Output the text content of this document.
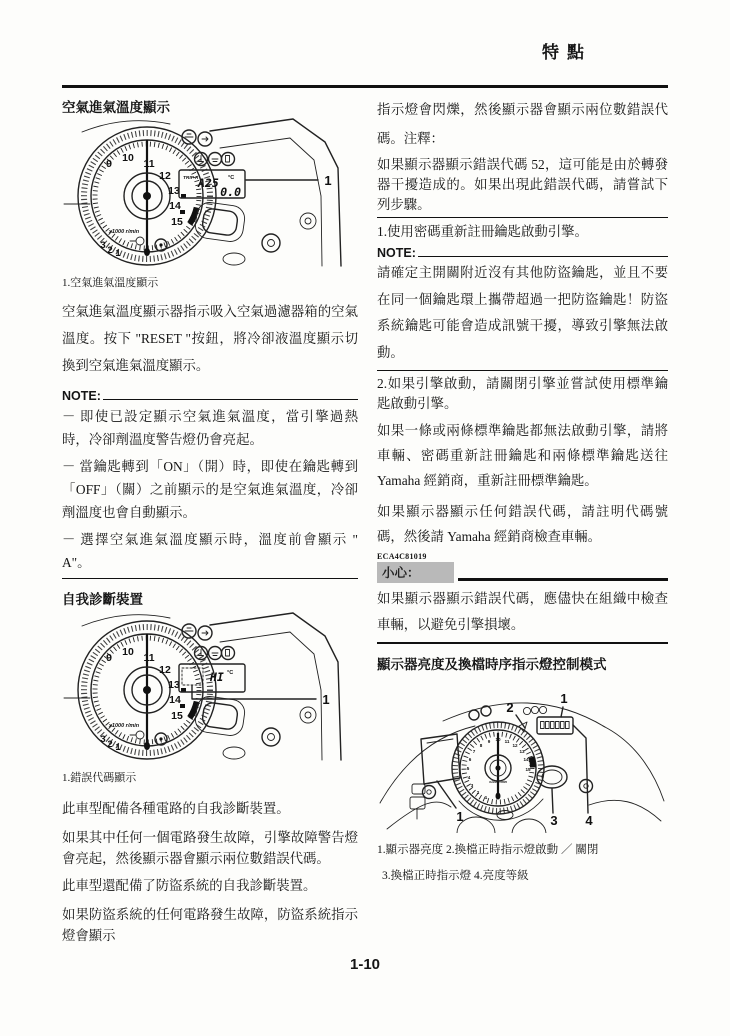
特點

空氣進氣溫度顯示

9 10 11
12
13
14
15
3 2 1
x1000 r/min
TRIP A A25 °C
0.0
1

1.空氣進氣溫度顯示

空氣進氣溫度顯示器指示吸入空氣過濾器箱的空氣溫度。按下 "RESET "按鈕，將冷卻液溫度顯示切換到空氣進氣溫度顯示。

NOTE:

－ 即使已設定顯示空氣進氣溫度，當引擎過熱時，冷卻劑溫度警告燈仍會亮起。

－ 當鑰匙轉到「ON」（開）時，即使在鑰匙轉到「OFF」（關）之前顯示的是空氣進氣溫度，冷卻劑溫度也會自動顯示。

－ 選擇空氣進氣溫度顯示時，溫度前會顯示 " A"。

自我診斷裝置

9 10 11
12
13
14
15
3 2 1
x1000 r/min
HI °C
1

1.錯誤代碼顯示

此車型配備各種電路的自我診斷裝置。

如果其中任何一個電路發生故障，引擎故障警告燈會亮起，然後顯示器會顯示兩位數錯誤代碼。

此車型還配備了防盜系統的自我診斷裝置。

如果防盜系統的任何電路發生故障，防盜系統指示燈會顯示

指示燈會閃爍，然後顯示器會顯示兩位數錯誤代碼。注釋：

如果顯示器顯示錯誤代碼 52，這可能是由於轉發器干擾造成的。如果出現此錯誤代碼，請嘗試下列步驟。

1.使用密碼重新註冊鑰匙啟動引擎。

NOTE:

請確定主開關附近沒有其他防盜鑰匙，並且不要在同一個鑰匙環上攜帶超過一把防盜鑰匙！防盜系統鑰匙可能會造成訊號干擾，導致引擎無法啟動。

2.如果引擎啟動，請關閉引擎並嘗試使用標準鑰匙啟動引擎。

如果一條或兩條標準鑰匙都無法啟動引擎，請將車輛、密碼重新註冊鑰匙和兩條標準鑰匙送往 Yamaha 經銷商，重新註冊標準鑰匙。

如果顯示器顯示任何錯誤代碼，請註明代碼號碼，然後請 Yamaha 經銷商檢查車輛。

ECA4C81019

小心：

如果顯示器顯示錯誤代碼，應儘快在組織中檢查車輛，以避免引擎損壞。

顯示器亮度及換檔時序指示燈控制模式

1
2
3
4
5
6
7
8
9 10 11
12
13
14
15
x1000r/min
2
1
1	3 4

1.顯示器亮度 2.換檔正時指示燈啟動 ／ 關閉

3.換檔正時指示燈 4.亮度等級

1-10
